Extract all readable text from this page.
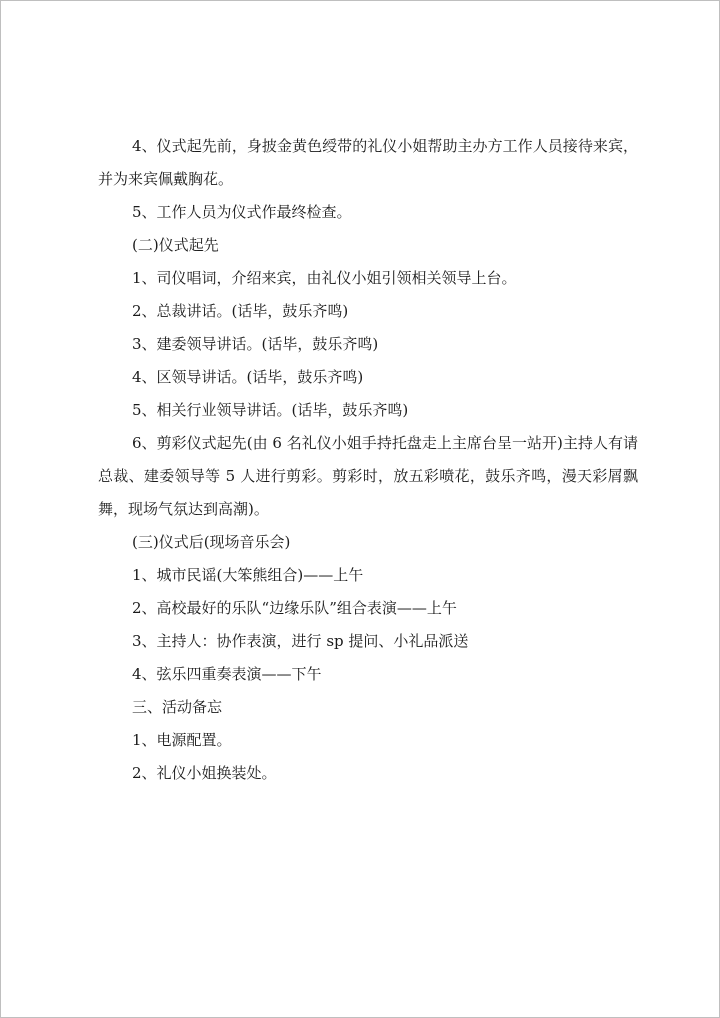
4、仪式起先前，身披金黄色绶带的礼仪小姐帮助主办方工作人员接待来宾，并为来宾佩戴胸花。

5、工作人员为仪式作最终检查。

(二)仪式起先

1、司仪唱词，介绍来宾，由礼仪小姐引领相关领导上台。

2、总裁讲话。(话毕，鼓乐齐鸣)

3、建委领导讲话。(话毕，鼓乐齐鸣)

4、区领导讲话。(话毕，鼓乐齐鸣)

5、相关行业领导讲话。(话毕，鼓乐齐鸣)

6、剪彩仪式起先(由 6 名礼仪小姐手持托盘走上主席台呈一站开)主持人有请总裁、建委领导等 5 人进行剪彩。剪彩时，放五彩喷花，鼓乐齐鸣，漫天彩屑飘舞，现场气氛达到高潮)。

(三)仪式后(现场音乐会)

1、城市民谣(大笨熊组合)——上午

2、高校最好的乐队“边缘乐队”组合表演——上午

3、主持人：协作表演，进行 sp 提问、小礼品派送

4、弦乐四重奏表演——下午

三、活动备忘

1、电源配置。

2、礼仪小姐换装处。
